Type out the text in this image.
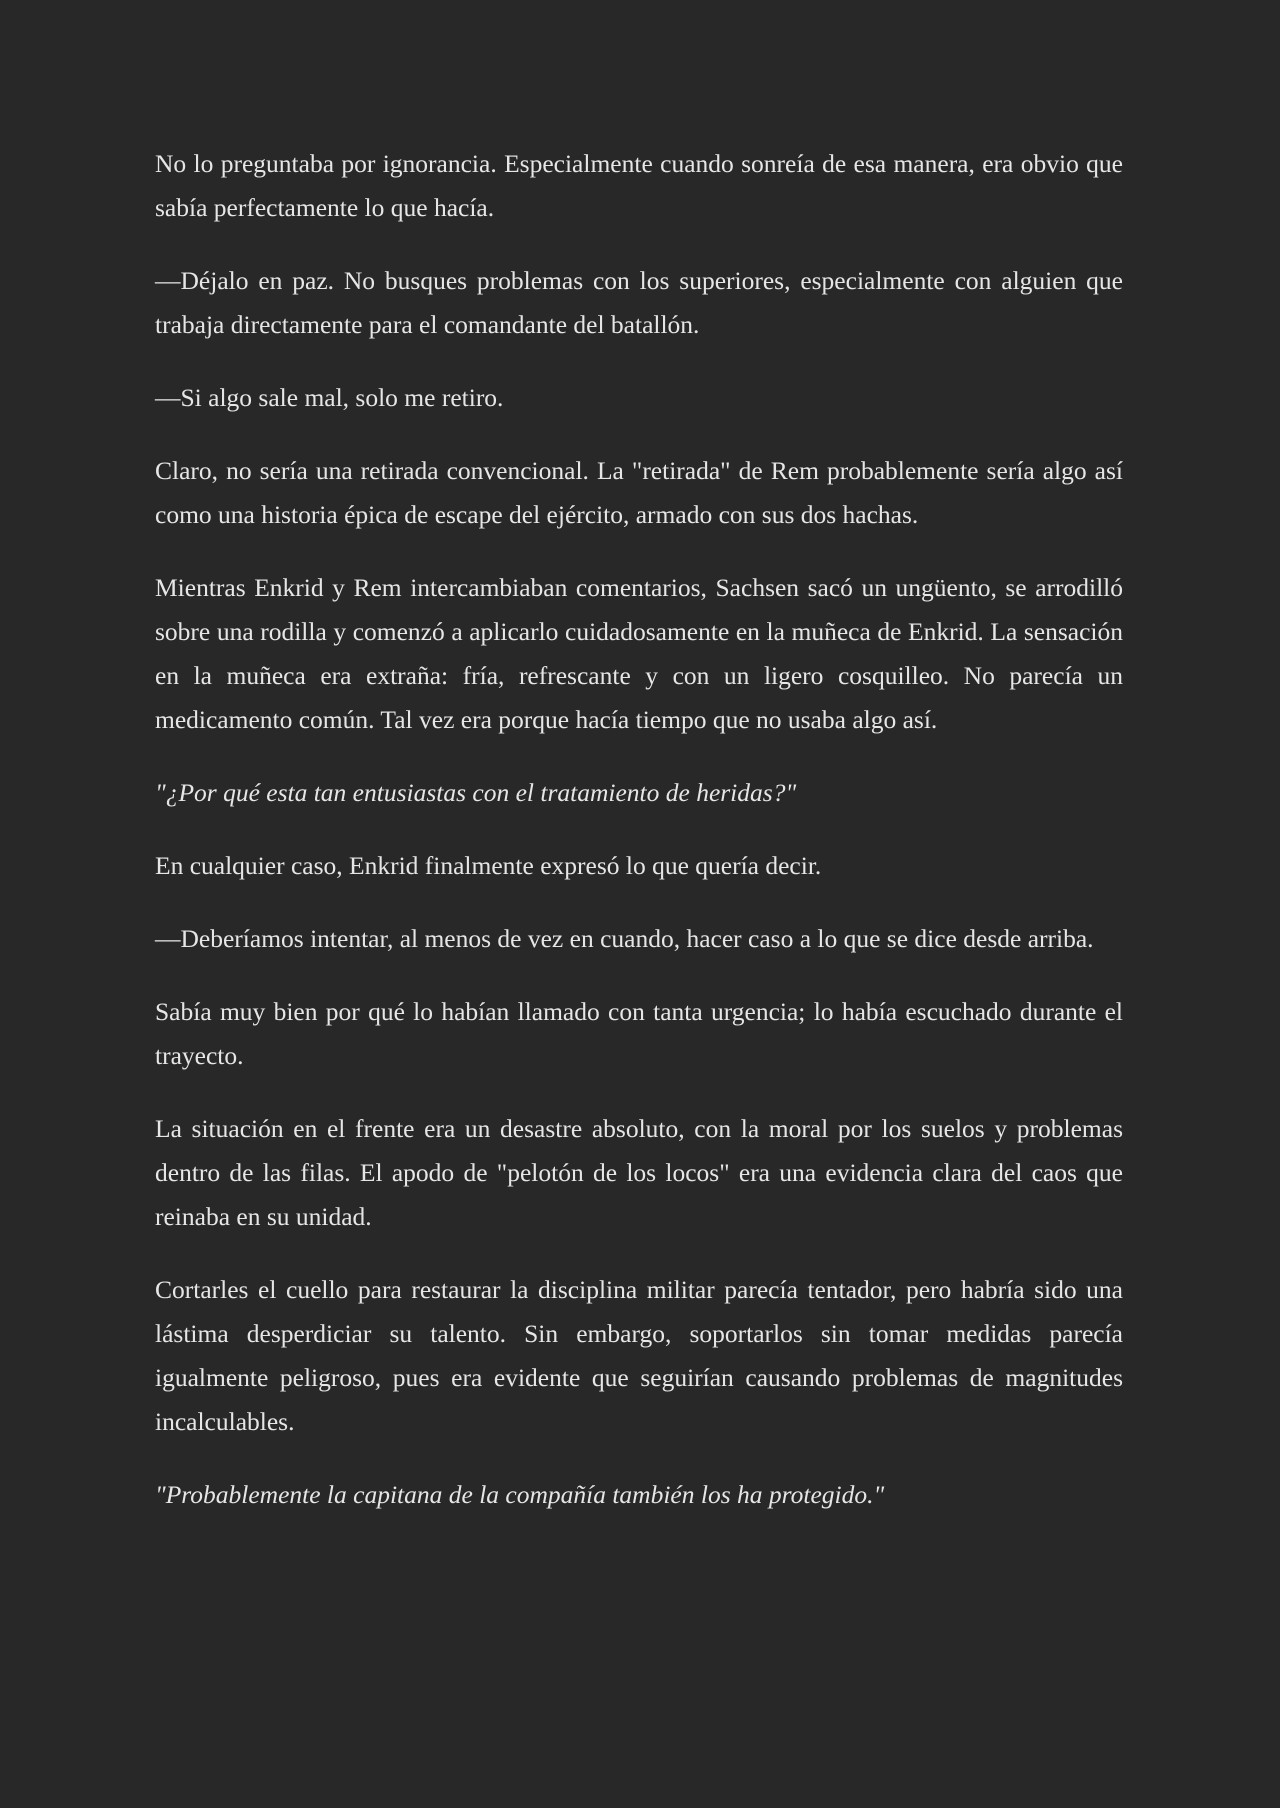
No lo preguntaba por ignorancia. Especialmente cuando sonreía de esa manera, era obvio que sabía perfectamente lo que hacía.

—Déjalo en paz. No busques problemas con los superiores, especialmente con alguien que trabaja directamente para el comandante del batallón.

—Si algo sale mal, solo me retiro.

Claro, no sería una retirada convencional. La "retirada" de Rem probablemente sería algo así como una historia épica de escape del ejército, armado con sus dos hachas.

Mientras Enkrid y Rem intercambiaban comentarios, Sachsen sacó un ungüento, se arrodilló sobre una rodilla y comenzó a aplicarlo cuidadosamente en la muñeca de Enkrid. La sensación en la muñeca era extraña: fría, refrescante y con un ligero cosquilleo. No parecía un medicamento común. Tal vez era porque hacía tiempo que no usaba algo así.

"¿Por qué esta tan entusiastas con el tratamiento de heridas?"

En cualquier caso, Enkrid finalmente expresó lo que quería decir.

—Deberíamos intentar, al menos de vez en cuando, hacer caso a lo que se dice desde arriba.

Sabía muy bien por qué lo habían llamado con tanta urgencia; lo había escuchado durante el trayecto.

La situación en el frente era un desastre absoluto, con la moral por los suelos y problemas dentro de las filas. El apodo de "pelotón de los locos" era una evidencia clara del caos que reinaba en su unidad.

Cortarles el cuello para restaurar la disciplina militar parecía tentador, pero habría sido una lástima desperdiciar su talento. Sin embargo, soportarlos sin tomar medidas parecía igualmente peligroso, pues era evidente que seguirían causando problemas de magnitudes incalculables.

"Probablemente la capitana de la compañía también los ha protegido."
